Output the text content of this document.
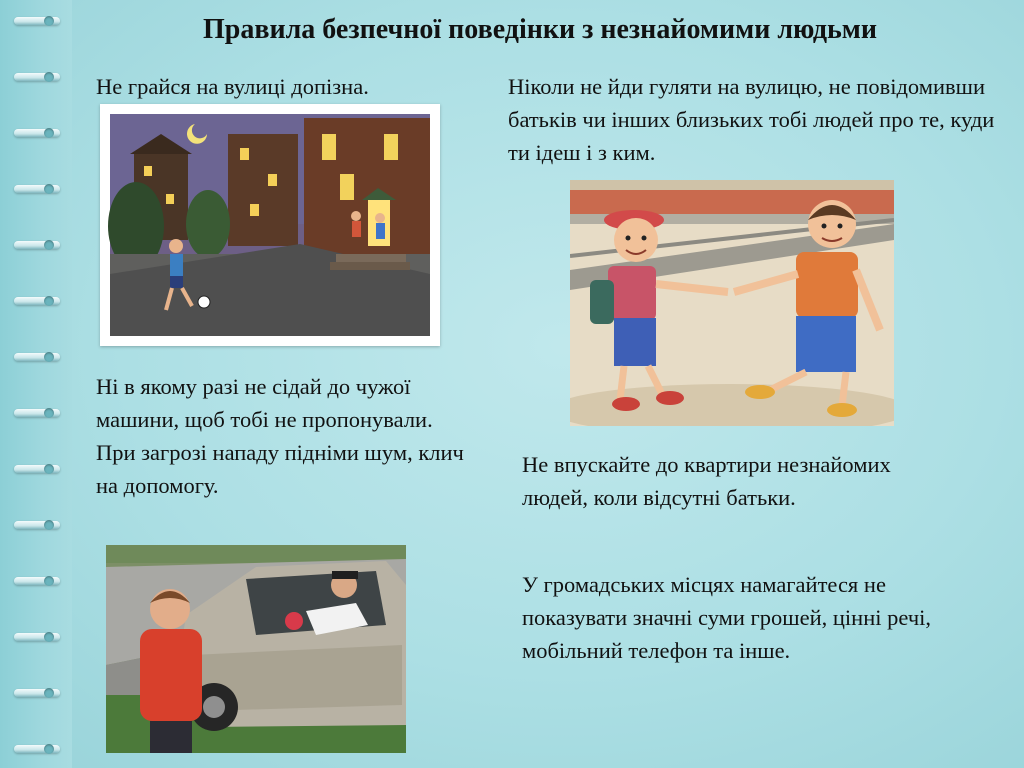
Правила безпечної поведінки з незнайомими людьми

Не грайся на вулиці допізна.	Ніколи не йди гуляти на вулицю, не повідомивши батьків чи інших близьких тобі людей про те, куди ти ідеш і з ким.

Ні в якому разі не сідай до чужої машини, щоб тобі не пропонували. При загрозі нападу підніми шум, клич на допомогу.

Не впускайте до квартири незнайомих людей, коли відсутні батьки.

У громадських місцях намагайтеся не показувати значні суми грошей, цінні речі, мобільний телефон та інше.
